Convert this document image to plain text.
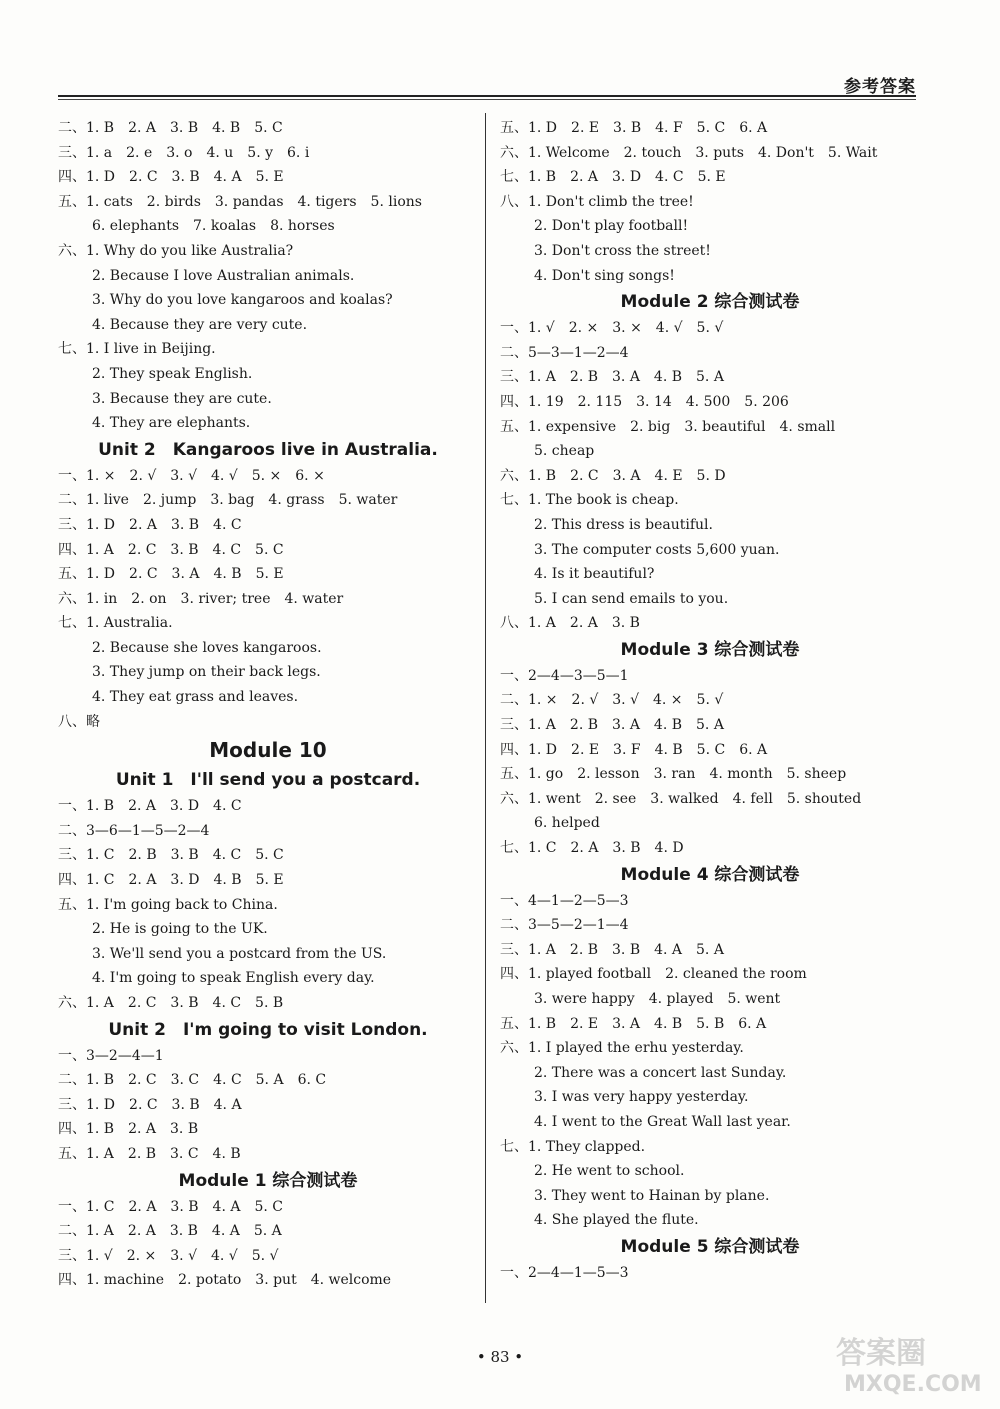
参考答案
二、1. B　2. A　3. B　4. B　5. C
三、1. a　2. e　3. o　4. u　5. y　6. i
四、1. D　2. C　3. B　4. A　5. E
五、1. cats　2. birds　3. pandas　4. tigers　5. lions
6. elephants　7. koalas　8. horses
六、1. Why do you like Australia?
2. Because I love Australian animals.
3. Why do you love kangaroos and koalas?
4. Because they are very cute.
七、1. I live in Beijing.
2. They speak English.
3. Because they are cute.
4. They are elephants.
Unit 2　Kangaroos live in Australia.
一、1. ×　2. √　3. √　4. √　5. ×　6. ×
二、1. live　2. jump　3. bag　4. grass　5. water
三、1. D　2. A　3. B　4. C
四、1. A　2. C　3. B　4. C　5. C
五、1. D　2. C　3. A　4. B　5. E
六、1. in　2. on　3. river; tree　4. water
七、1. Australia.
2. Because she loves kangaroos.
3. They jump on their back legs.
4. They eat grass and leaves.
八、略
Module 10
Unit 1　I'll send you a postcard.
一、1. B　2. A　3. D　4. C
二、3—6—1—5—2—4
三、1. C　2. B　3. B　4. C　5. C
四、1. C　2. A　3. D　4. B　5. E
五、1. I'm going back to China.
2. He is going to the UK.
3. We'll send you a postcard from the US.
4. I'm going to speak English every day.
六、1. A　2. C　3. B　4. C　5. B
Unit 2　I'm going to visit London.
一、3—2—4—1
二、1. B　2. C　3. C　4. C　5. A　6. C
三、1. D　2. C　3. B　4. A
四、1. B　2. A　3. B
五、1. A　2. B　3. C　4. B
Module 1 综合测试卷
一、1. C　2. A　3. B　4. A　5. C
二、1. A　2. A　3. B　4. A　5. A
三、1. √　2. ×　3. √　4. √　5. √
四、1. machine　2. potato　3. put　4. welcome
五、1. D　2. E　3. B　4. F　5. C　6. A
六、1. Welcome　2. touch　3. puts　4. Don't　5. Wait
七、1. B　2. A　3. D　4. C　5. E
八、1. Don't climb the tree!
2. Don't play football!
3. Don't cross the street!
4. Don't sing songs!
Module 2 综合测试卷
一、1. √　2. ×　3. ×　4. √　5. √
二、5—3—1—2—4
三、1. A　2. B　3. A　4. B　5. A
四、1. 19　2. 115　3. 14　4. 500　5. 206
五、1. expensive　2. big　3. beautiful　4. small
5. cheap
六、1. B　2. C　3. A　4. E　5. D
七、1. The book is cheap.
2. This dress is beautiful.
3. The computer costs 5,600 yuan.
4. Is it beautiful?
5. I can send emails to you.
八、1. A　2. A　3. B
Module 3 综合测试卷
一、2—4—3—5—1
二、1. ×　2. √　3. √　4. ×　5. √
三、1. A　2. B　3. A　4. B　5. A
四、1. D　2. E　3. F　4. B　5. C　6. A
五、1. go　2. lesson　3. ran　4. month　5. sheep
六、1. went　2. see　3. walked　4. fell　5. shouted
6. helped
七、1. C　2. A　3. B　4. D
Module 4 综合测试卷
一、4—1—2—5—3
二、3—5—2—1—4
三、1. A　2. B　3. B　4. A　5. A
四、1. played football　2. cleaned the room
3. were happy　4. played　5. went
五、1. B　2. E　3. A　4. B　5. B　6. A
六、1. I played the erhu yesterday.
2. There was a concert last Sunday.
3. I was very happy yesterday.
4. I went to the Great Wall last year.
七、1. They clapped.
2. He went to school.
3. They went to Hainan by plane.
4. She played the flute.
Module 5 综合测试卷
一、2—4—1—5—3
• 83 •	答案圈
MXQE.COM
